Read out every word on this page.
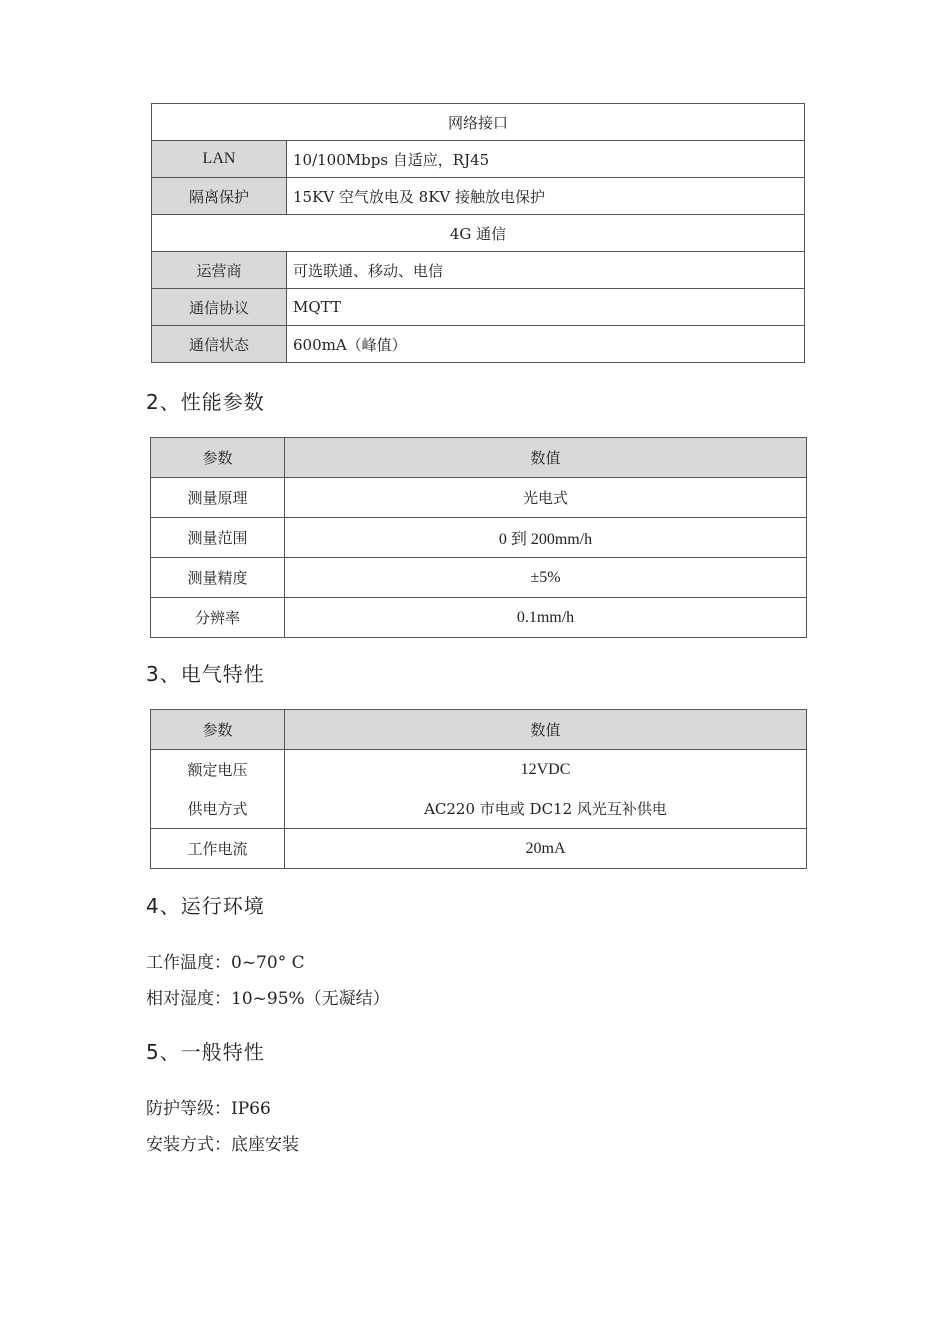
网络接口	
LAN	10/100Mbps 自适应，RJ45
隔离保护	15KV 空气放电及 8KV 接触放电保护
4G 通信	
运营商	可选联通、移动、电信
通信协议	MQTT
通信状态	600mA（峰值）
2、性能参数
参数	数值
测量原理	光电式
测量范围	0 到 200mm/h
测量精度	±5%
分辨率	0.1mm/h
3、电气特性
参数	数值
额定电压	12VDC
供电方式	AC220 市电或 DC12 风光互补供电
工作电流	20mA
4、运行环境

工作温度：0~70° C

相对湿度：10~95%（无凝结）

5、一般特性

防护等级：IP66

安装方式：底座安装
